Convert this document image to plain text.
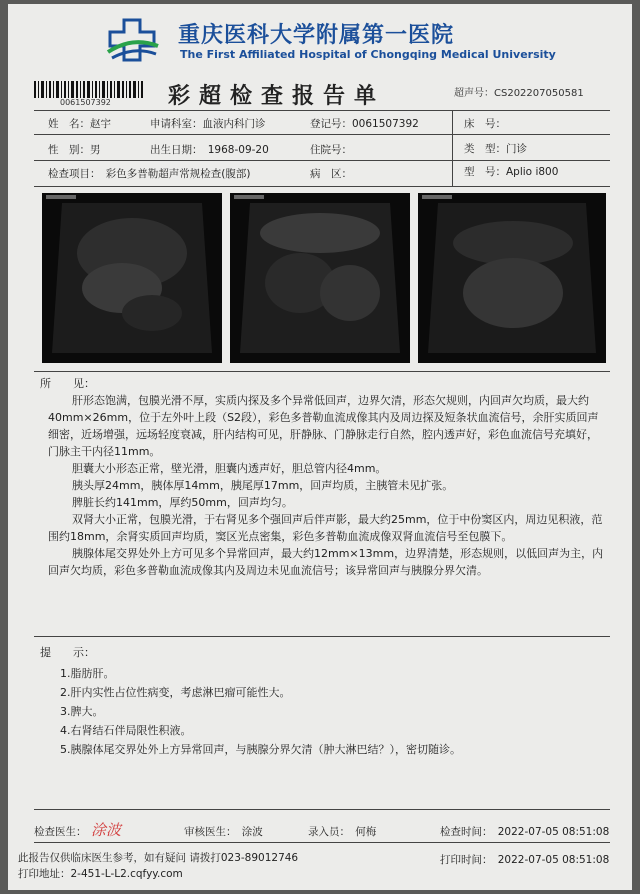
重庆医科大学附属第一医院
The First Affiliated Hospital of Chongqing Medical University
0061507392	彩超检查报告单	超声号：CS202207050581
姓　名：赵宇	申请科室：血液内科门诊	登记号：0061507392	床　号：
性　别：男	出生日期：　1968-09-20	住院号：	类　型：门诊
检查项目：　彩色多普勒超声常规检查(腹部)	病　区：	型　号：Aplio i800
所　　见：

肝形态饱满，包膜光滑不厚，实质内探及多个异常低回声，边界欠清，形态欠规则，内回声欠均质，最大约40mm×26mm，位于左外叶上段（S2段），彩色多普勒血流成像其内及周边探及短条状血流信号，余肝实质回声细密，近场增强，远场轻度衰减，肝内结构可见，肝静脉、门静脉走行自然，腔内透声好，彩色血流信号充填好，门脉主干内径11mm。

胆囊大小形态正常，壁光滑，胆囊内透声好，胆总管内径4mm。

胰头厚24mm，胰体厚14mm，胰尾厚17mm，回声均质，主胰管未见扩张。

脾脏长约141mm，厚约50mm，回声均匀。

双肾大小正常，包膜光滑，于右肾见多个强回声后伴声影，最大约25mm，位于中份窦区内，周边见积液，范围约18mm，余肾实质回声均质，窦区光点密集，彩色多普勒血流成像双肾血流信号至包膜下。

胰腺体尾交界处外上方可见多个异常回声，最大约12mm×13mm，边界清楚，形态规则，以低回声为主，内回声欠均质，彩色多普勒血流成像其内及周边未见血流信号；该异常回声与胰腺分界欠清。

提　　示：
1.脂肪肝。
2.肝内实性占位性病变，考虑淋巴瘤可能性大。
3.脾大。
4.右肾结石伴局限性积液。
5.胰腺体尾交界处外上方异常回声，与胰腺分界欠清（肿大淋巴结？），密切随诊。
检查医生： 涂波	审核医生：　涂波	录入员：　何梅	检查时间：　2022-07-05 08:51:08
此报告仅供临床医生参考，如有疑问 请拨打023-89012746
打印地址：2-451-L-L2.cqfyy.com
打印时间：　2022-07-05 08:51:08
